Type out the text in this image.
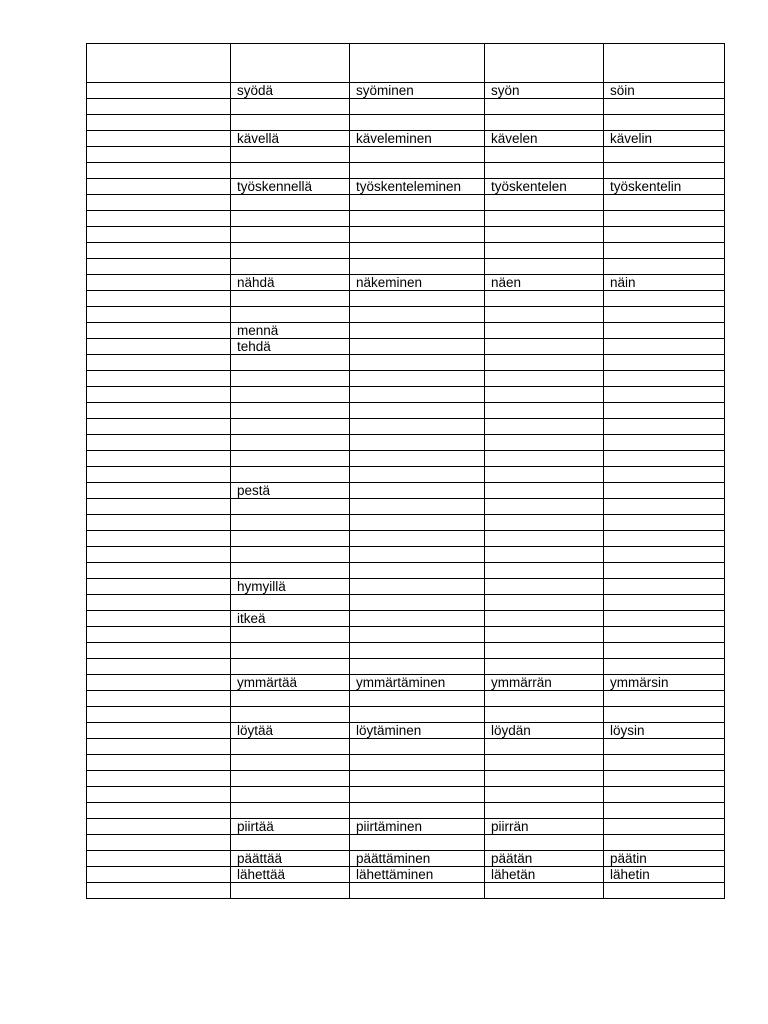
	syödä	syöminen	syön	söin

	kävellä	käveleminen	kävelen	kävelin

	työskennellä	työskenteleminen	työskentelen	työskentelin

	nähdä	näkeminen	näen	näin

	mennä			
	tehdä			

	pestä			

	hymyillä			

	itkeä			

	ymmärtää	ymmärtäminen	ymmärrän	ymmärsin

	löytää	löytäminen	löydän	löysin

	piirtää	piirtäminen	piirrän	

	päättää	päättäminen	päätän	päätin
	lähettää	lähettäminen	lähetän	lähetin
